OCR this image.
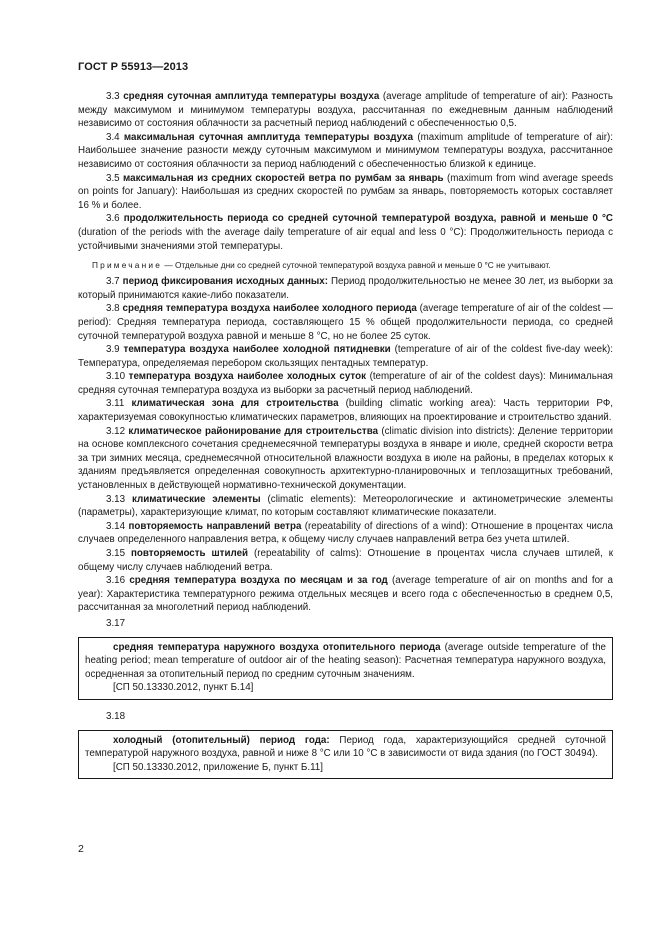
ГОСТ Р 55913—2013

3.3 средняя суточная амплитуда температуры воздуха (average amplitude of temperature of air): Разность между максимумом и минимумом температуры воздуха, рассчитанная по ежедневным данным наблюдений независимо от состояния облачности за расчетный период наблюдений с обеспеченностью 0,5.

3.4 максимальная суточная амплитуда температуры воздуха (maximum amplitude of temperature of air): Наибольшее значение разности между суточным максимумом и минимумом температуры воздуха, рассчитанное независимо от состояния облачности за период наблюдений с обеспеченностью близкой к единице.

3.5 максимальная из средних скоростей ветра по румбам за январь (maximum from wind average speeds on points for January): Наибольшая из средних скоростей по румбам за январь, повторяемость которых составляет 16 % и более.

3.6 продолжительность периода со средней суточной температурой воздуха, равной и меньше 0 °С (duration of the periods with the average daily temperature of air equal and less 0 °C): Продолжительность периода с устойчивыми значениями этой температуры.

Примечание — Отдельные дни со средней суточной температурой воздуха равной и меньше 0 °С не учитывают.

3.7 период фиксирования исходных данных: Период продолжительностью не менее 30 лет, из выборки за который принимаются какие-либо показатели.

3.8 средняя температура воздуха наиболее холодного периода (average temperature of air of the coldest — period): Средняя температура периода, составляющего 15 % общей продолжительности периода, со средней суточной температурой воздуха равной и меньше 8 °С, но не более 25 суток.

3.9 температура воздуха наиболее холодной пятидневки (temperature of air of the coldest five-day week): Температура, определяемая перебором скользящих пентадных температур.

3.10 температура воздуха наиболее холодных суток (temperature of air of the coldest days): Минимальная средняя суточная температура воздуха из выборки за расчетный период наблюдений.

3.11 климатическая зона для строительства (building climatic working area): Часть территории РФ, характеризуемая совокупностью климатических параметров, влияющих на проектирование и строительство зданий.

3.12 климатическое районирование для строительства (climatic division into districts): Деление территории на основе комплексного сочетания среднемесячной температуры воздуха в январе и июле, средней скорости ветра за три зимних месяца, среднемесячной относительной влажности воздуха в июле на районы, в пределах которых к зданиям предъявляется определенная совокупность архитектурно-планировочных и теплозащитных требований, установленных в действующей нормативно-технической документации.

3.13 климатические элементы (climatic elements): Метеорологические и актинометрические элементы (параметры), характеризующие климат, по которым составляют климатические показатели.

3.14 повторяемость направлений ветра (repeatability of directions of a wind): Отношение в процентах числа случаев определенного направления ветра, к общему числу случаев направлений ветра без учета штилей.

3.15 повторяемость штилей (repeatability of calms): Отношение в процентах числа случаев штилей, к общему числу случаев наблюдений ветра.

3.16 средняя температура воздуха по месяцам и за год (average temperature of air on months and for a year): Характеристика температурного режима отдельных месяцев и всего года с обеспеченностью в среднем 0,5, рассчитанная за многолетний период наблюдений.

3.17

средняя температура наружного воздуха отопительного периода (average outside temperature of the heating period; mean temperature of outdoor air of the heating season): Расчетная температура наружного воздуха, осредненная за отопительный период по средним суточным значениям.

[СП 50.13330.2012, пункт Б.14]

3.18

холодный (отопительный) период года: Период года, характеризующийся средней суточной температурой наружного воздуха, равной и ниже 8 °С или 10 °С в зависимости от вида здания (по ГОСТ 30494).

[СП 50.13330.2012, приложение Б, пункт Б.11]

2
